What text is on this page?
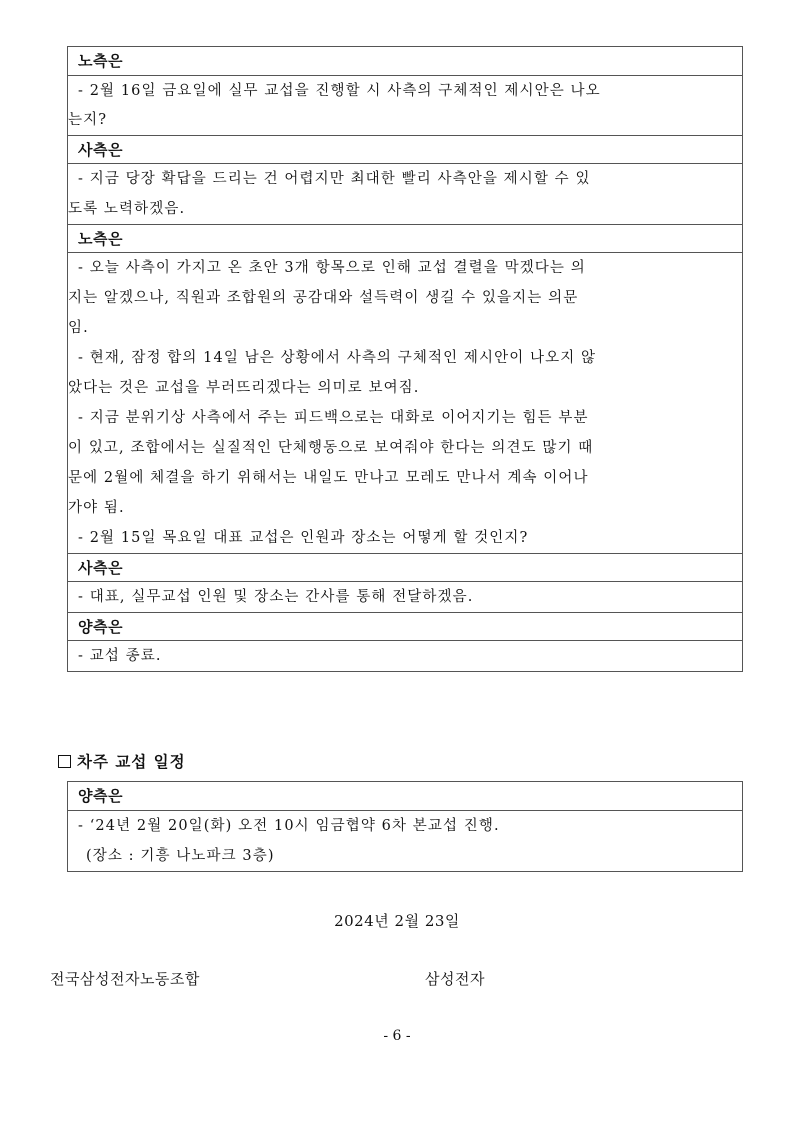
노측은
- 2월 16일 금요일에 실무 교섭을 진행할 시 사측의 구체적인 제시안은 나오
는지?
사측은
- 지금 당장 확답을 드리는 건 어렵지만 최대한 빨리 사측안을 제시할 수 있
도록 노력하겠음.
노측은
- 오늘 사측이 가지고 온 초안 3개 항목으로 인해 교섭 결렬을 막겠다는 의
지는 알겠으나, 직원과 조합원의 공감대와 설득력이 생길 수 있을지는 의문
임.
- 현재, 잠정 합의 14일 남은 상황에서 사측의 구체적인 제시안이 나오지 않
았다는 것은 교섭을 부러뜨리겠다는 의미로 보여짐.
- 지금 분위기상 사측에서 주는 피드백으로는 대화로 이어지기는 힘든 부분
이 있고, 조합에서는 실질적인 단체행동으로 보여줘야 한다는 의견도 많기 때
문에 2월에 체결을 하기 위해서는 내일도 만나고 모레도 만나서 계속 이어나
가야 됨.
- 2월 15일 목요일 대표 교섭은 인원과 장소는 어떻게 할 것인지?
사측은
- 대표, 실무교섭 인원 및 장소는 간사를 통해 전달하겠음.
양측은
- 교섭 종료.
차주 교섭 일정
양측은
- ‘24년 2월 20일(화) 오전 10시 임금협약 6차 본교섭 진행.
(장소 : 기흥 나노파크 3층)
2024년 2월 23일
전국삼성전자노동조합	삼성전자
- 6 -
